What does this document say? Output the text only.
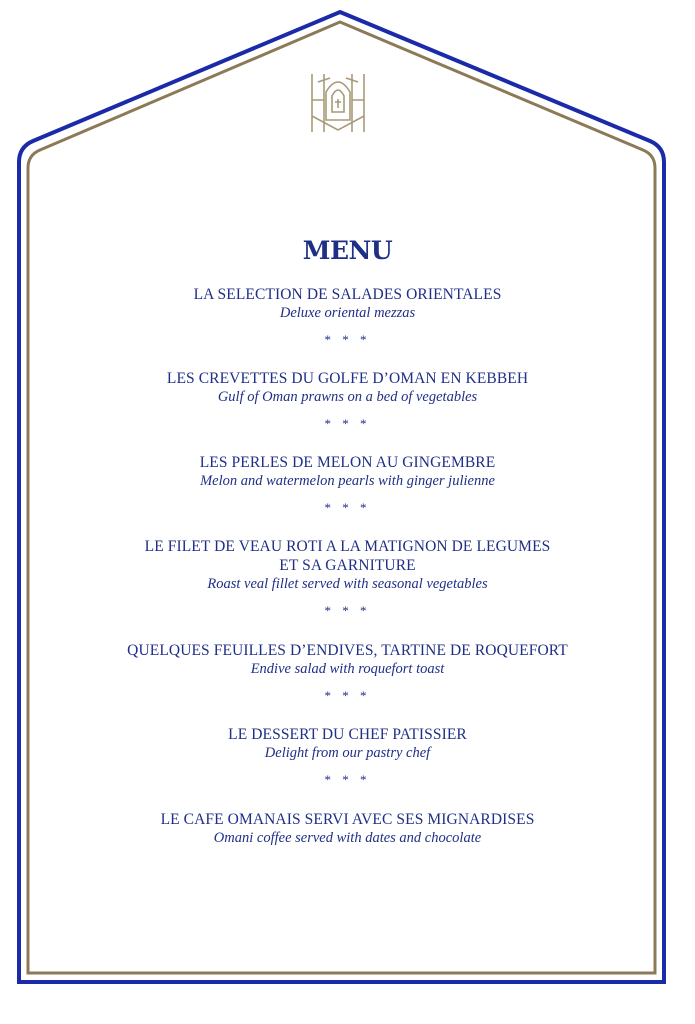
MENU
LA SELECTION DE SALADES ORIENTALES
Deluxe oriental mezzas
* * *
LES CREVETTES DU GOLFE D’OMAN EN KEBBEH
Gulf of Oman prawns on a bed of vegetables
* * *
LES PERLES DE MELON AU GINGEMBRE
Melon and watermelon pearls with ginger julienne
* * *
LE FILET DE VEAU ROTI A LA MATIGNON DE LEGUMES
ET SA GARNITURE
Roast veal fillet served with seasonal vegetables
* * *
QUELQUES FEUILLES D’ENDIVES, TARTINE DE ROQUEFORT
Endive salad with roquefort toast
* * *
LE DESSERT DU CHEF PATISSIER
Delight from our pastry chef
* * *
LE CAFE OMANAIS SERVI AVEC SES MIGNARDISES
Omani coffee served with dates and chocolate
